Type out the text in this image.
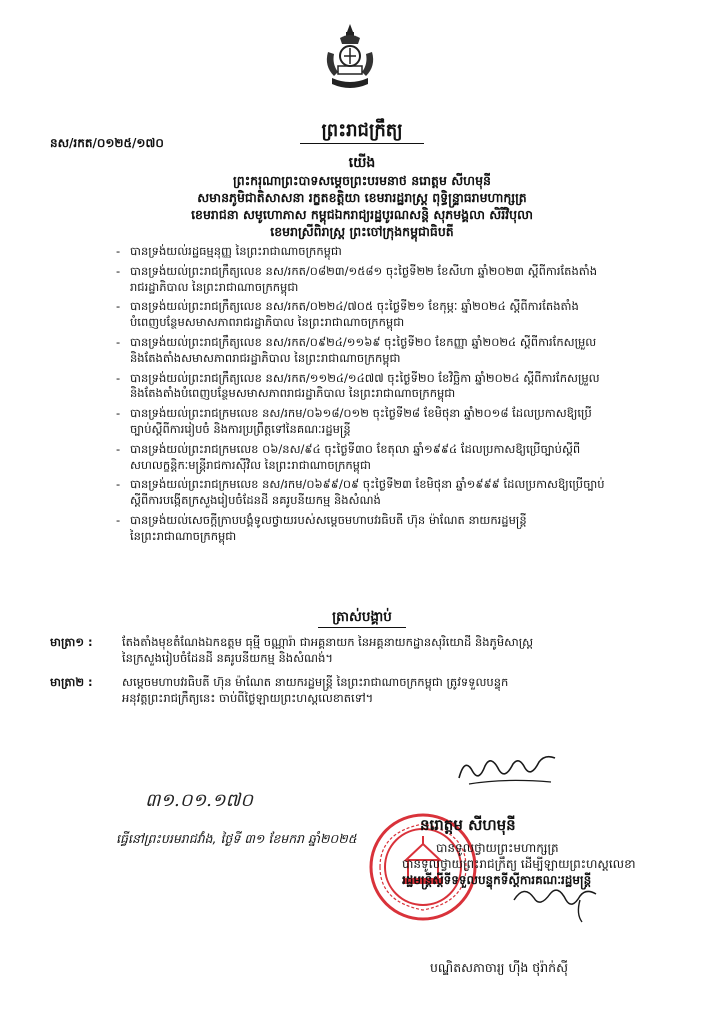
នស/រកត/០១២៥/១៧០
ព្រះរាជក្រឹត្យ
យើង
ព្រះករុណាព្រះបាទសម្តេចព្រះបរមនាថ នរោត្តម សីហមុនី
សមានភូមិជាតិសាសនា រក្ខតខត្តិយា ខេមរារដ្ឋរាស្ត្រ ពុទ្ធិន្ទ្រាធរាមហាក្សត្រ
ខេមរាជនា សមូហោភាស កម្ពុជឯករាជ្យរដ្ឋបូរណសន្តិ សុភមង្គលា សិរីវិបុលា
ខេមរាស្រីពិរាស្ត្រ ព្រះចៅក្រុងកម្ពុជាធិបតី
- បានទ្រង់យល់រដ្ឋធម្មនុញ្ញ នៃព្រះរាជាណាចក្រកម្ពុជា
- បានទ្រង់យល់ព្រះរាជក្រឹត្យលេខ នស/រកត/០៨២៣/១៥៨១ ចុះថ្ងៃទី២២ ខែសីហា ឆ្នាំ២០២៣ ស្តីពីការតែងតាំង
រាជរដ្ឋាភិបាល នៃព្រះរាជាណាចក្រកម្ពុជា
- បានទ្រង់យល់ព្រះរាជក្រឹត្យលេខ នស/រកត/០២២៤/៧០៥ ចុះថ្ងៃទី២១ ខែកុម្ភៈ ឆ្នាំ២០២៤ ស្តីពីការតែងតាំង
បំពេញបន្ថែមសមាសភាពរាជរដ្ឋាភិបាល នៃព្រះរាជាណាចក្រកម្ពុជា
- បានទ្រង់យល់ព្រះរាជក្រឹត្យលេខ នស/រកត/០៩២៤/១១៦៩ ចុះថ្ងៃទី២០ ខែកញ្ញា ឆ្នាំ២០២៤ ស្តីពីការកែសម្រួល
និងតែងតាំងសមាសភាពរាជរដ្ឋាភិបាល នៃព្រះរាជាណាចក្រកម្ពុជា
- បានទ្រង់យល់ព្រះរាជក្រឹត្យលេខ នស/រកត/១១២៤/១៤៧៧ ចុះថ្ងៃទី២០ ខែវិច្ឆិកា ឆ្នាំ២០២៤ ស្តីពីការកែសម្រួល
និងតែងតាំងបំពេញបន្ថែមសមាសភាពរាជរដ្ឋាភិបាល នៃព្រះរាជាណាចក្រកម្ពុជា
- បានទ្រង់យល់ព្រះរាជក្រមលេខ នស/រកម/០៦១៨/០១២ ចុះថ្ងៃទី២៨ ខែមិថុនា ឆ្នាំ២០១៨ ដែលប្រកាសឱ្យប្រើ
ច្បាប់ស្តីពីការរៀបចំ និងការប្រព្រឹត្តទៅនៃគណៈរដ្ឋមន្ត្រី
- បានទ្រង់យល់ព្រះរាជក្រមលេខ ០៦/នស/៩៤ ចុះថ្ងៃទី៣០ ខែតុលា ឆ្នាំ១៩៩៤ ដែលប្រកាសឱ្យប្រើច្បាប់ស្តីពី
សហលក្ខន្តិកៈមន្ត្រីរាជការស៊ីវិល នៃព្រះរាជាណាចក្រកម្ពុជា
- បានទ្រង់យល់ព្រះរាជក្រមលេខ នស/រកម/០៦៩៩/០៩ ចុះថ្ងៃទី២៣ ខែមិថុនា ឆ្នាំ១៩៩៩ ដែលប្រកាសឱ្យប្រើច្បាប់
ស្តីពីការបង្កើតក្រសួងរៀបចំដែនដី នគរូបនីយកម្ម និងសំណង់
- បានទ្រង់យល់សេចក្តីក្រាបបង្គំទូលថ្វាយរបស់សម្តេចមហាបវរធិបតី ហ៊ុន ម៉ាណែត នាយករដ្ឋមន្ត្រី
នៃព្រះរាជាណាចក្រកម្ពុជា
ត្រាស់បង្គាប់
មាត្រា១ :	តែងតាំងមុខតំណែងឯកឧត្តម ធុម្មី ចណ្ណារ៉ា ជាអគ្គនាយក នៃអគ្គនាយកដ្ឋានសុរិយោដី និងភូមិសាស្ត្រ
នៃក្រសួងរៀបចំដែនដី នគរូបនីយកម្ម និងសំណង់។
មាត្រា២ :	សម្តេចមហាបវរធិបតី ហ៊ុន ម៉ាណែត នាយករដ្ឋមន្ត្រី នៃព្រះរាជាណាចក្រកម្ពុជា ត្រូវទទួលបន្ទុក
អនុវត្តព្រះរាជក្រឹត្យនេះ ចាប់ពីថ្ងៃឡាយព្រះហស្តលេខាតទៅ។
៣១.០១.១៧០
នរោត្តម សីហមុនី
បានទូលថ្វាយព្រះមហាក្សត្រ
បានទូលថ្វាយព្រះរាជក្រឹត្យ ដើម្បីឡាយព្រះហស្តលេខា
រដ្ឋមន្ត្រីស្តីទីទទួលបន្ទុកទីស្តីការគណៈរដ្ឋមន្ត្រី
ធ្វើនៅព្រះបរមរាជវាំង, ថ្ងៃទី ៣១ ខែមករា ឆ្នាំ២០២៥
បណ្ឌិតសភាចារ្យ ហ៊ីង ថុរ៉ាក់ស៊ី
